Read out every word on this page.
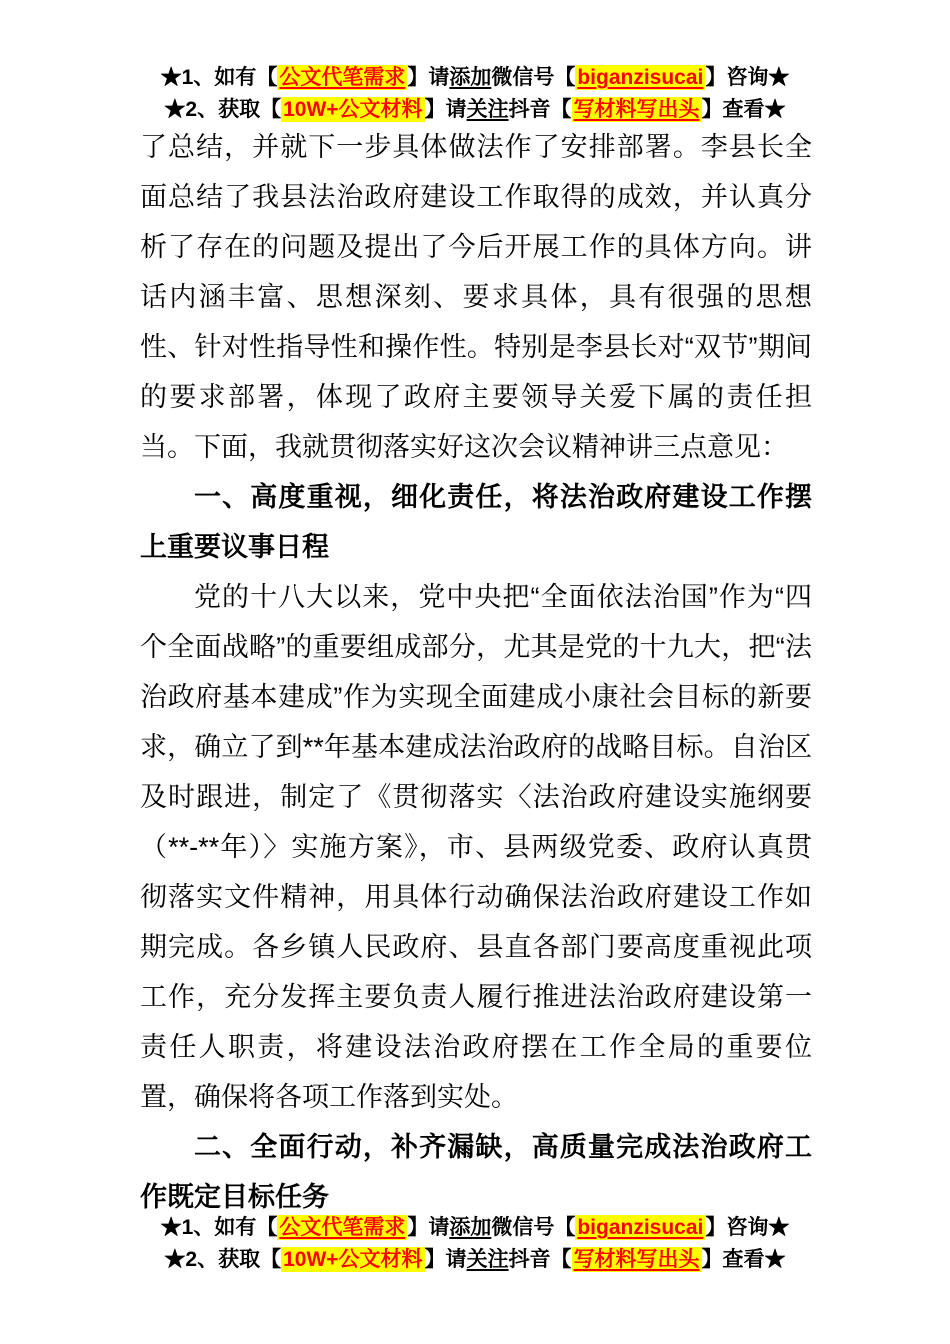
★1、如有【公文代笔需求】请添加微信号【biganzisucai】咨询★
★2、获取【10W+公文材料】请关注抖音【写材料写出头】查看★

了总结，并就下一步具体做法作了安排部署。李县长全面总结了我县法治政府建设工作取得的成效，并认真分析了存在的问题及提出了今后开展工作的具体方向。讲话内涵丰富、思想深刻、要求具体，具有很强的思想性、针对性指导性和操作性。特别是李县长对“双节”期间的要求部署，体现了政府主要领导关爱下属的责任担当。下面，我就贯彻落实好这次会议精神讲三点意见：

一、高度重视，细化责任，将法治政府建设工作摆上重要议事日程

党的十八大以来，党中央把“全面依法治国”作为“四个全面战略”的重要组成部分，尤其是党的十九大，把“法治政府基本建成”作为实现全面建成小康社会目标的新要求，确立了到**年基本建成法治政府的战略目标。自治区及时跟进，制定了《贯彻落实〈法治政府建设实施纲要（**-**年）〉实施方案》，市、县两级党委、政府认真贯彻落实文件精神，用具体行动确保法治政府建设工作如期完成。各乡镇人民政府、县直各部门要高度重视此项工作，充分发挥主要负责人履行推进法治政府建设第一责任人职责，将建设法治政府摆在工作全局的重要位置，确保将各项工作落到实处。

二、全面行动，补齐漏缺，高质量完成法治政府工作既定目标任务

★1、如有【公文代笔需求】请添加微信号【biganzisucai】咨询★
★2、获取【10W+公文材料】请关注抖音【写材料写出头】查看★
